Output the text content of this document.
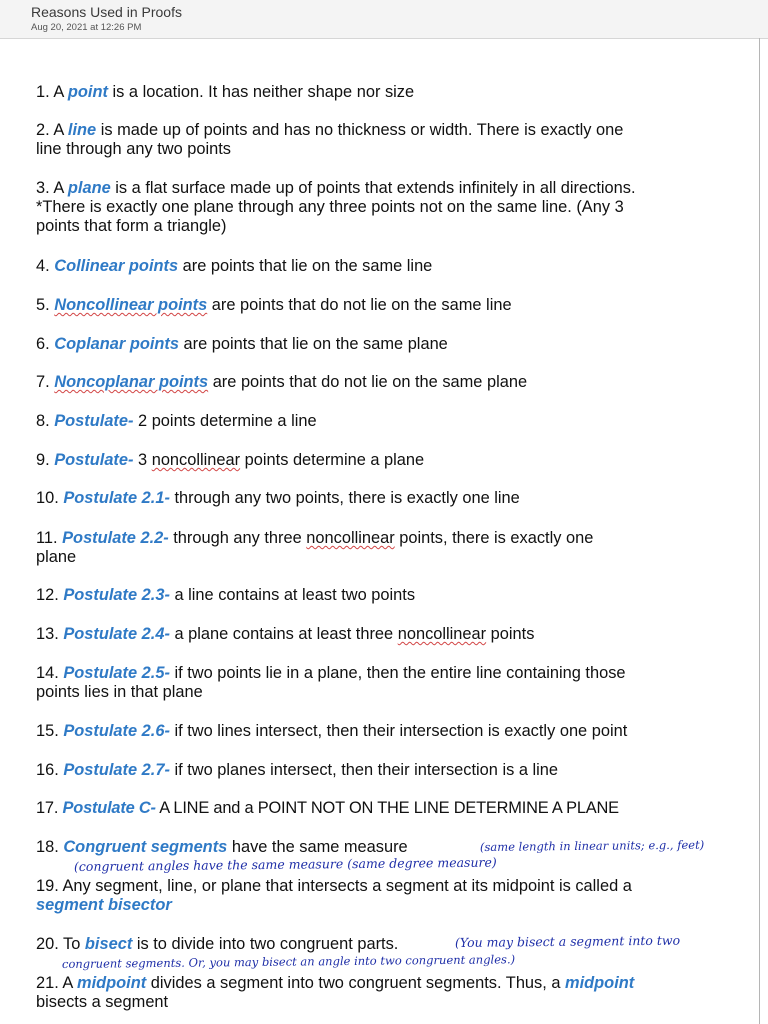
Reasons Used in Proofs
Aug 20, 2021 at 12:26 PM
1. A point is a location. It has neither shape nor size
2. A line is made up of points and has no thickness or width. There is exactly one
line through any two points
3. A plane is a flat surface made up of points that extends infinitely in all directions.
*There is exactly one plane through any three points not on the same line. (Any 3
points that form a triangle)
4. Collinear points are points that lie on the same line
5. Noncollinear points are points that do not lie on the same line
6. Coplanar points are points that lie on the same plane
7. Noncoplanar points are points that do not lie on the same plane
8. Postulate- 2 points determine a line
9. Postulate- 3 noncollinear points determine a plane
10. Postulate 2.1- through any two points, there is exactly one line
11. Postulate 2.2- through any three noncollinear points, there is exactly one
plane
12. Postulate 2.3- a line contains at least two points
13. Postulate 2.4- a plane contains at least three noncollinear points
14. Postulate 2.5- if two points lie in a plane, then the entire line containing those
points lies in that plane
15. Postulate 2.6- if two lines intersect, then their intersection is exactly one point
16. Postulate 2.7- if two planes intersect, then their intersection is a line
17. Postulate C- A LINE and a POINT NOT ON THE LINE DETERMINE A PLANE
18. Congruent segments have the same measure	(same length in linear units; e.g., feet)
(congruent angles have the same measure (same degree measure)
19. Any segment, line, or plane that intersects a segment at its midpoint is called a
segment bisector
20. To bisect is to divide into two congruent parts.	(You may bisect a segment into two
congruent segments. Or, you may bisect an angle into two congruent angles.)
21. A midpoint divides a segment into two congruent segments. Thus, a midpoint
bisects a segment
